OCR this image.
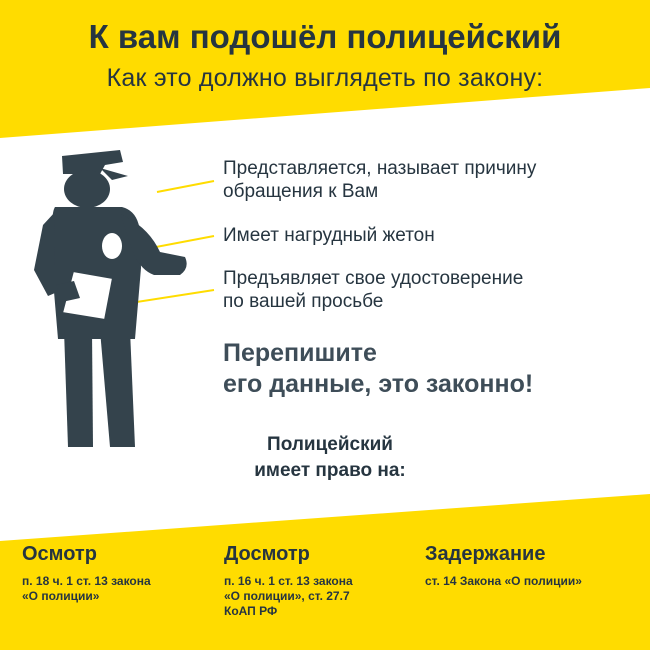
К вам подошёл полицейский
Как это должно выглядеть по закону:
Представляется, называет причину
обращения к Вам
Имеет нагрудный жетон
Предъявляет свое удостоверение
по вашей просьбе
Перепишите
его данные, это законно!
Полицейский
имеет право на:
Осмотр

п. 18 ч. 1 ст. 13 закона
«О полиции»

Досмотр

п. 16 ч. 1 ст. 13 закона
«О полиции», ст. 27.7
КоАП РФ

Задержание

ст. 14 Закона «О полиции»
